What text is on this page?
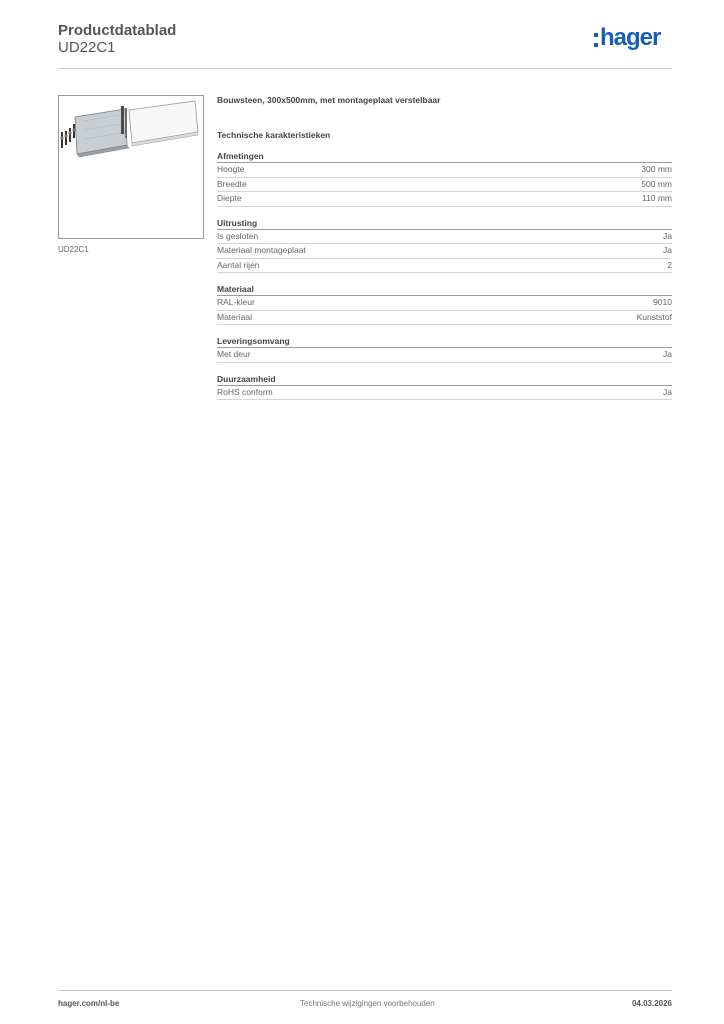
Productdatablad
UD22C1	hager
UD22C1
Bouwsteen, 300x500mm, met montageplaat verstelbaar
Technische karakteristieken
Afmetingen
Hoogte	300 mm
Breedte	500 mm
Diepte	110 mm
Uitrusting
Is gesloten	Ja
Materiaal montageplaat	Ja
Aantal rijen	2
Materiaal
RAL-kleur	9010
Materiaal	Kunststof
Leveringsomvang
Met deur	Ja
Duurzaamheid
RoHS conform	Ja
hager.com/nl-be	Technische wijzigingen voorbehouden	04.03.2026
